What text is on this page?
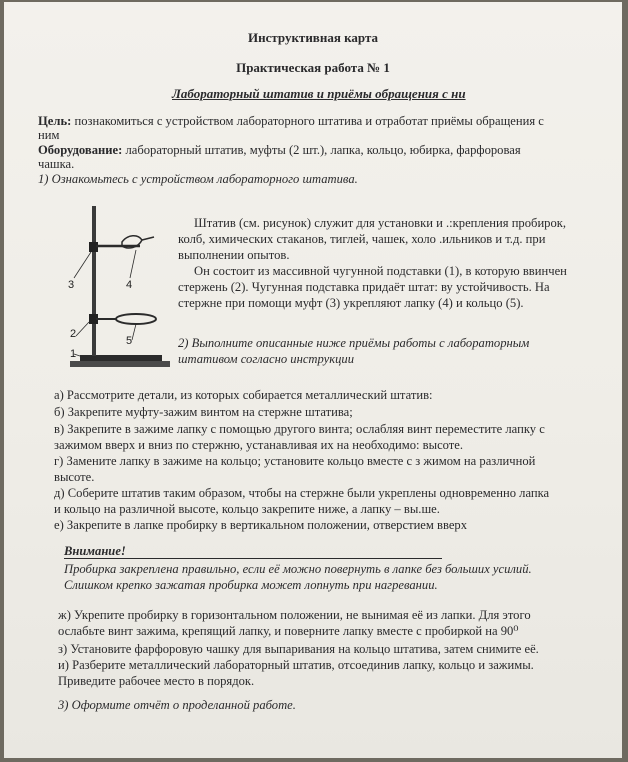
Инструктивная карта
Практическая работа № 1
Лабораторный штатив и приёмы обращения с ни
Цель: познакомиться с устройством лабораторного штатива и отработат приёмы обращения с
ним
Оборудование: лабораторный штатив, муфты (2 шт.), лапка, кольцо, юбирка, фарфоровая
чашка.
1) Ознакомьтесь с устройством лабораторного штатива.
1
2
3	4
5
Штатив (см. рисунок) служит для установки и .:крепления пробирок,
колб, химических стаканов, тиглей, чашек, холо .ильников и т.д. при
выполнении опытов.
Он состоит из массивной чугунной подставки (1), в которую ввинчен
стержень (2). Чугунная подставка придаёт штат: ву устойчивость. На
стержне при помощи муфт (3) укрепляют лапку (4) и кольцо (5).
2) Выполните описанные ниже приёмы работы с лабораторным
штативом согласно инструкции
а) Рассмотрите детали, из которых собирается металлический штатив:
б) Закрепите муфту-зажим винтом на стержне штатива;
в) Закрепите в зажиме лапку с помощью другого винта; ослабляя винт переместите лапку с
зажимом вверх и вниз по стержню, устанавливая их на необходимо: высоте.
г) Замените лапку в зажиме на кольцо; установите кольцо вместе с з жимом на различной
высоте.
д) Соберите штатив таким образом, чтобы на стержне были укреплены одновременно лапка
и кольцо на различной высоте, кольцо закрепите ниже, а лапку – вы.ше.
е) Закрепите в лапке пробирку в вертикальном положении, отверстием вверх
Внимание!
Пробирка закреплена правильно, если её можно повернуть в лапке без больших усилий.
Слишком крепко зажатая пробирка может лопнуть при нагревании.
ж) Укрепите пробирку в горизонтальном положении, не вынимая её из лапки. Для этого
ослабьте винт зажима, крепящий лапку, и поверните лапку вместе с пробиркой на 90⁰
з) Установите фарфоровую чашку для выпаривания на кольцо штатива, затем снимите её.
и) Разберите металлический лабораторный штатив, отсоединив лапку, кольцо и зажимы.
Приведите рабочее место в порядок.
3) Оформите отчёт о проделанной работе.
